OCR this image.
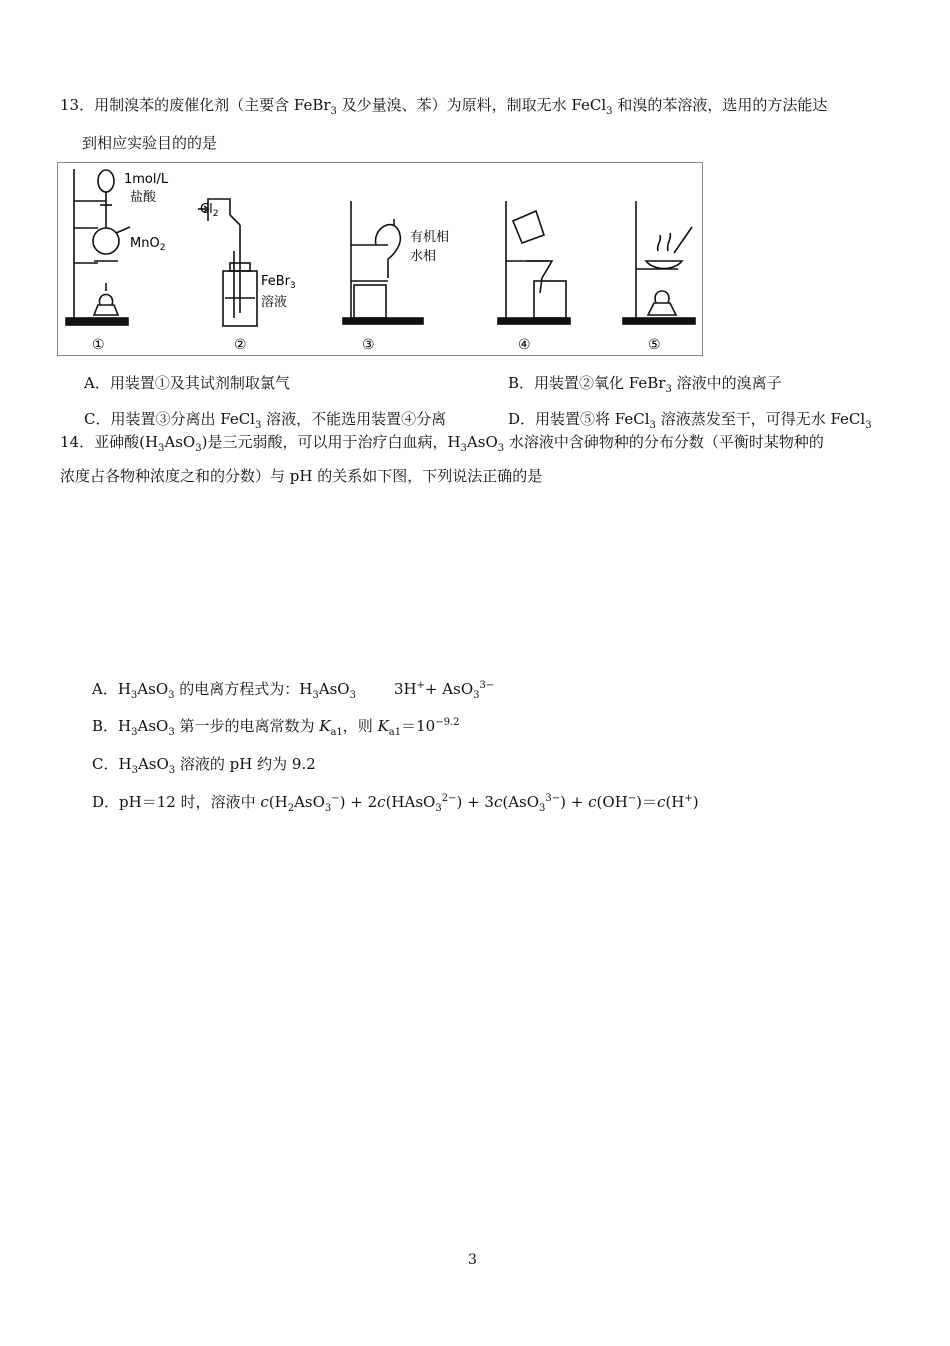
13．用制溴苯的废催化剂（主要含 FeBr$_3$ 及少量溴、苯）为原料，制取无水 FeCl$_3$ 和溴的苯溶液，选用的方法能达
到相应实验目的的是
1mol/L
盐酸
MnO$_2$
$Cl_2$
FeBr$_3$
溶液
有机相
水相
①	②	③	④	⑤
A．用装置①及其试剂制取氯气	B．用装置②氧化 FeBr$_3$ 溶液中的溴离子
C．用装置③分离出 FeCl$_3$ 溶液，不能选用装置④分离	D．用装置⑤将 FeCl$_3$ 溶液蒸发至干，可得无水 FeCl$_3$
14．亚砷酸$(H_3AsO_3)$是三元弱酸，可以用于治疗白血病，$H_3AsO_3$ 水溶液中含砷物种的分布分数（平衡时某物种的
浓度占各物种浓度之和的分数）与 pH 的关系如下图，下列说法正确的是
A．$H_3AsO_3$ 的电离方程式为：$H_3AsO_3$	3H++ AsO$_3^{3-}$
B．$H_3AsO_3$ 第一步的电离常数为 $K_{a1}$，则 $K_{a1}=10^{-9.2}$
C．$H_3AsO_3$ 溶液的 pH 约为 9.2
D．pH＝12 时，溶液中 $c(H_2AsO_3^-)$ + 2c(HAsO$_3^{2-}$) + 3c(AsO$_3^{3-}$) + c(OH−)＝c(H+)
3
